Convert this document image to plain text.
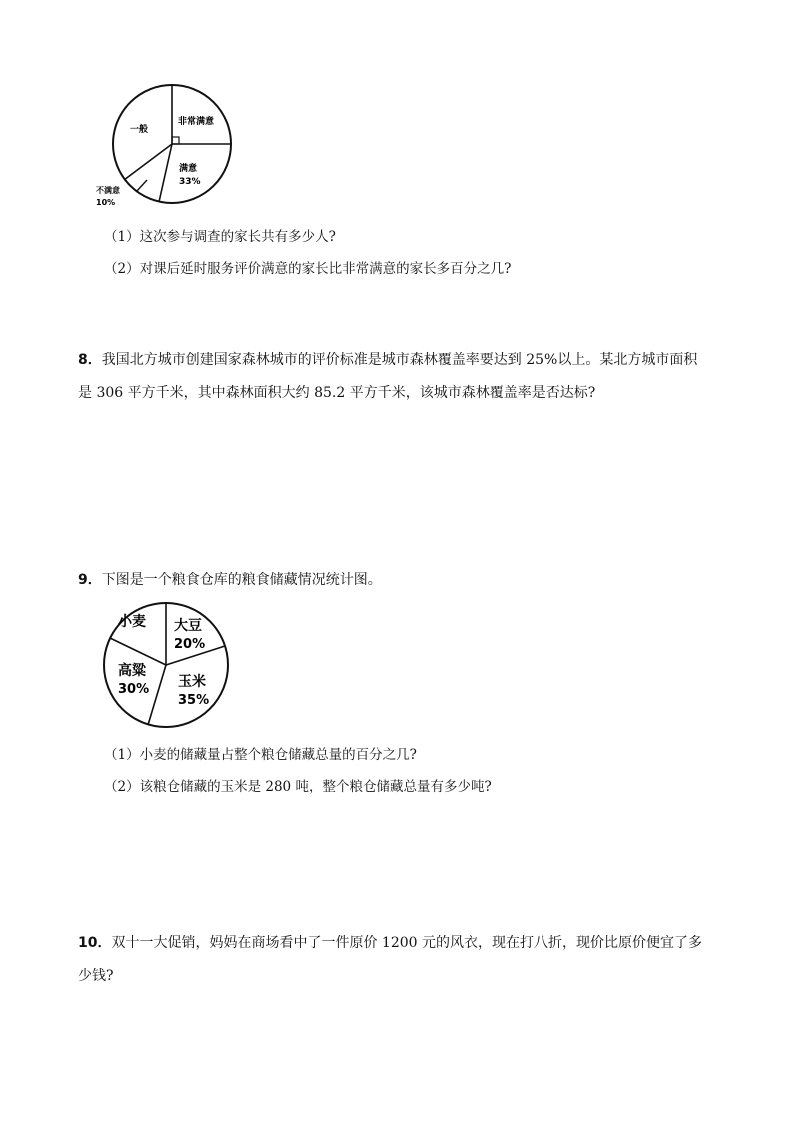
非常满意
满意
33%
一般
不满意
10%
（1）这次参与调查的家长共有多少人?
（2）对课后延时服务评价满意的家长比非常满意的家长多百分之几?
8．我国北方城市创建国家森林城市的评价标准是城市森林覆盖率要达到 25%以上。某北方城市面积
是 306 平方千米，其中森林面积大约 85.2 平方千米，该城市森林覆盖率是否达标?
9．下图是一个粮食仓库的粮食储藏情况统计图。
小麦 大豆
20%
高粱
30% 玉米
35%
（1）小麦的储藏量占整个粮仓储藏总量的百分之几?
（2）该粮仓储藏的玉米是 280 吨，整个粮仓储藏总量有多少吨?
10．双十一大促销，妈妈在商场看中了一件原价 1200 元的风衣，现在打八折，现价比原价便宜了多
少钱?
